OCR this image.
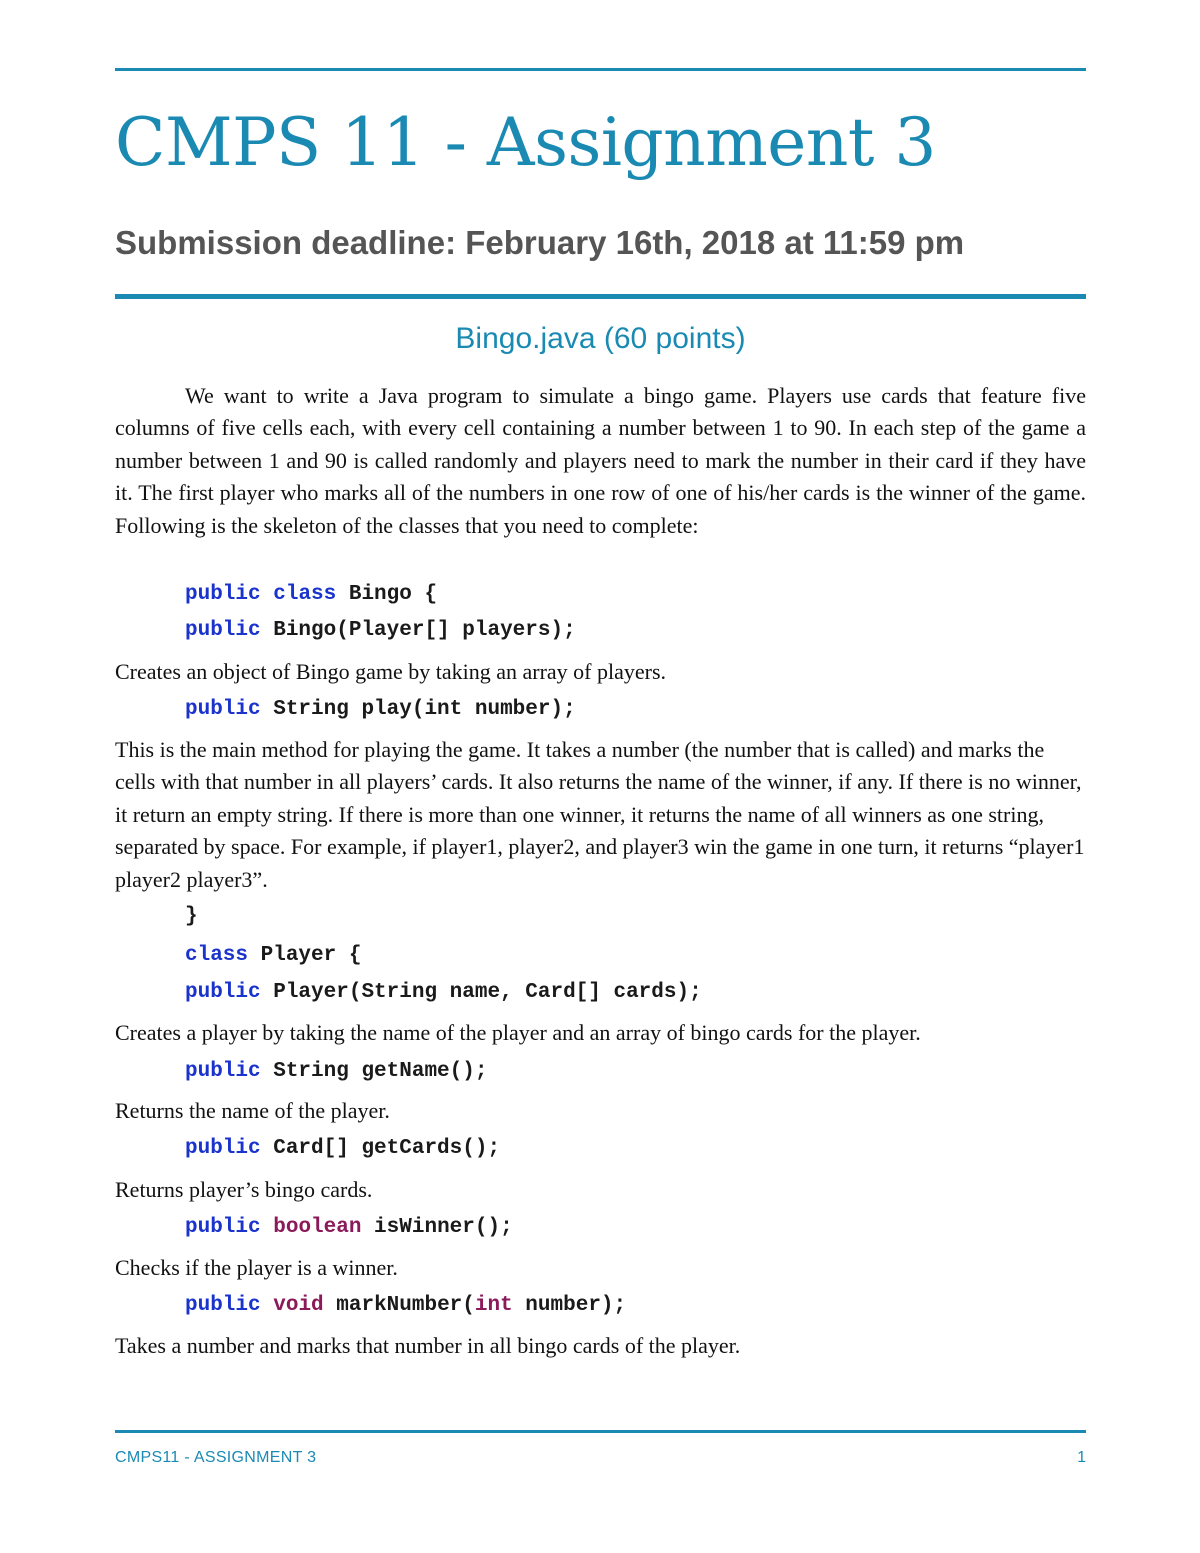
CMPS 11 - Assignment 3
Submission deadline: February 16th, 2018 at 11:59 pm
Bingo.java (60 points)
We want to write a Java program to simulate a bingo game. Players use cards that feature five columns of five cells each, with every cell containing a number between 1 to 90. In each step of the game a number between 1 and 90 is called randomly and players need to mark the number in their card if they have it. The first player who marks all of the numbers in one row of one of his/her cards is the winner of the game. Following is the skeleton of the classes that you need to complete:
public class Bingo {
public Bingo(Player[] players);
Creates an object of Bingo game by taking an array of players.
public String play(int number);
This is the main method for playing the game. It takes a number (the number that is called) and marks the cells with that number in all players’ cards. It also returns the name of the winner, if any. If there is no winner, it return an empty string. If there is more than one winner, it returns the name of all winners as one string, separated by space. For example, if player1, player2, and player3 win the game in one turn, it returns “player1 player2 player3”.
}
class Player {
public Player(String name, Card[] cards);
Creates a player by taking the name of the player and an array of bingo cards for the player.
public String getName();
Returns the name of the player.
public Card[] getCards();
Returns player’s bingo cards.
public boolean isWinner();
Checks if the player is a winner.
public void markNumber(int number);
Takes a number and marks that number in all bingo cards of the player.
CMPS11 - ASSIGNMENT 3	1
